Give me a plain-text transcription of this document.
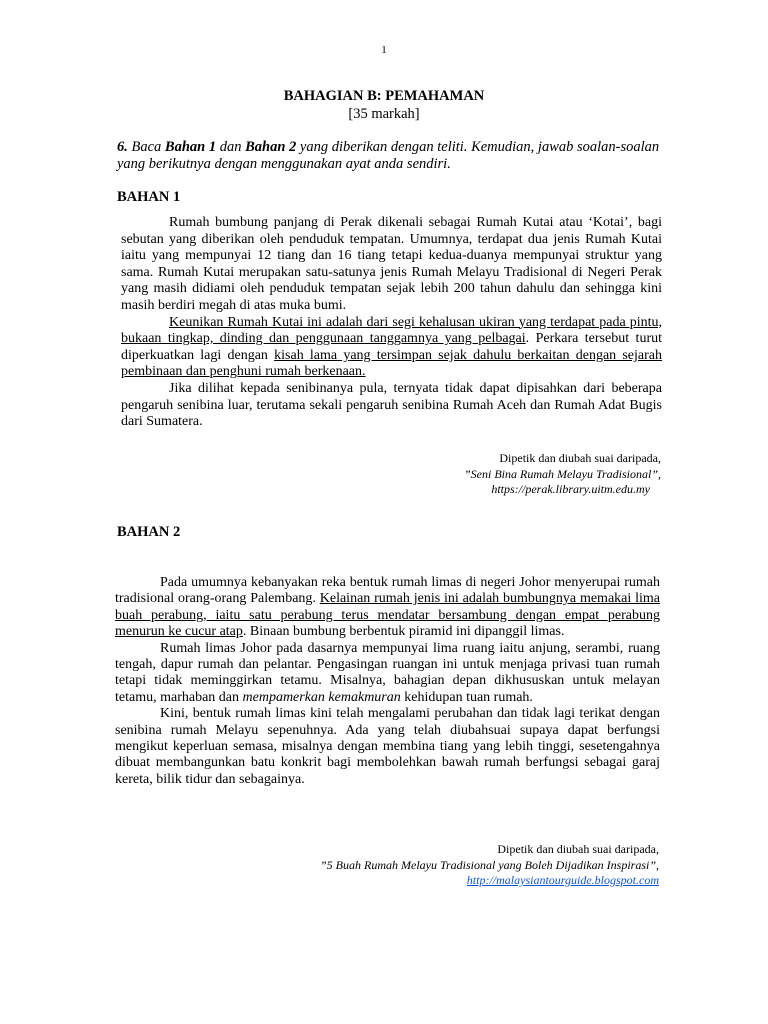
1
BAHAGIAN B: PEMAHAMAN
[35 markah]
6. Baca Bahan 1 dan Bahan 2 yang diberikan dengan teliti. Kemudian, jawab soalan-soalan yang berikutnya dengan menggunakan ayat anda sendiri.
BAHAN 1

Rumah bumbung panjang di Perak dikenali sebagai Rumah Kutai atau ‘Kotai’, bagi sebutan yang diberikan oleh penduduk tempatan. Umumnya, terdapat dua jenis Rumah Kutai iaitu yang mempunyai 12 tiang dan 16 tiang tetapi kedua-duanya mempunyai struktur yang sama. Rumah Kutai merupakan satu-satunya jenis Rumah Melayu Tradisional di Negeri Perak yang masih didiami oleh penduduk tempatan sejak lebih 200 tahun dahulu dan sehingga kini masih berdiri megah di atas muka bumi.

Keunikan Rumah Kutai ini adalah dari segi kehalusan ukiran yang terdapat pada pintu, bukaan tingkap, dinding dan penggunaan tanggamnya yang pelbagai. Perkara tersebut turut diperkuatkan lagi dengan kisah lama yang tersimpan sejak dahulu berkaitan dengan sejarah pembinaan dan penghuni rumah berkenaan.

Jika dilihat kepada senibinanya pula, ternyata tidak dapat dipisahkan dari beberapa pengaruh senibina luar, terutama sekali pengaruh senibina Rumah Aceh dan Rumah Adat Bugis dari Sumatera.

Dipetik dan diubah suai daripada,
”Seni Bina Rumah Melayu Tradisional”,
https://perak.library.uitm.edu.my
BAHAN 2

Pada umumnya kebanyakan reka bentuk rumah limas di negeri Johor menyerupai rumah tradisional orang-orang Palembang. Kelainan rumah jenis ini adalah bumbungnya memakai lima buah perabung, iaitu satu perabung terus mendatar bersambung dengan empat perabung menurun ke cucur atap. Binaan bumbung berbentuk piramid ini dipanggil limas.

Rumah limas Johor pada dasarnya mempunyai lima ruang iaitu anjung, serambi, ruang tengah, dapur rumah dan pelantar. Pengasingan ruangan ini untuk menjaga privasi tuan rumah tetapi tidak meminggirkan tetamu. Misalnya, bahagian depan dikhususkan untuk melayan tetamu, marhaban dan mempamerkan kemakmuran kehidupan tuan rumah.

Kini, bentuk rumah limas kini telah mengalami perubahan dan tidak lagi terikat dengan senibina rumah Melayu sepenuhnya. Ada yang telah diubahsuai supaya dapat berfungsi mengikut keperluan semasa, misalnya dengan membina tiang yang lebih tinggi, sesetengahnya dibuat membangunkan batu konkrit bagi membolehkan bawah rumah berfungsi sebagai garaj kereta, bilik tidur dan sebagainya.

Dipetik dan diubah suai daripada,
”5 Buah Rumah Melayu Tradisional yang Boleh Dijadikan Inspirasi”,
http://malaysiantourguide.blogspot.com
